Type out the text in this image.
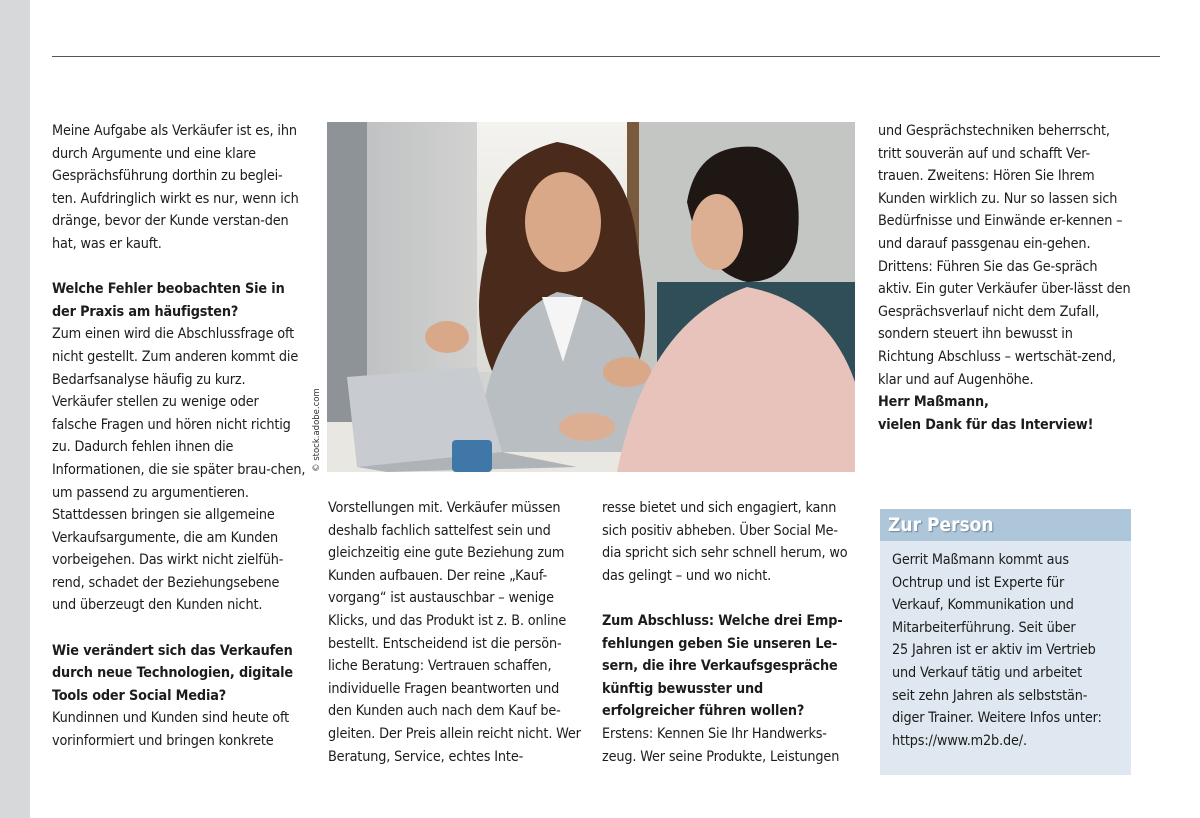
Meine Aufgabe als Verkäufer ist es, ihn durch Argumente und eine klare Gesprächsführung dorthin zu beglei-ten. Aufdringlich wirkt es nur, wenn ich dränge, bevor der Kunde verstan-den hat, was er kauft.

Welche Fehler beobachten Sie in der Praxis am häufigsten?

Zum einen wird die Abschlussfrage oft nicht gestellt. Zum anderen kommt die Bedarfsanalyse häufig zu kurz. Verkäufer stellen zu wenige oder falsche Fragen und hören nicht richtig zu. Dadurch fehlen ihnen die Informationen, die sie später brau-chen, um passend zu argumentieren. Stattdessen bringen sie allgemeine Verkaufsargumente, die am Kunden vorbeigehen. Das wirkt nicht zielfüh-rend, schadet der Beziehungsebene und überzeugt den Kunden nicht.

Wie verändert sich das Verkaufen durch neue Technologien, digitale Tools oder Social Media?

Kundinnen und Kunden sind heute oft vorinformiert und bringen konkrete

© stock.adobe.com

Vorstellungen mit. Verkäufer müssen deshalb fachlich sattelfest sein und gleichzeitig eine gute Beziehung zum Kunden aufbauen. Der reine „Kauf-vorgang“ ist austauschbar – wenige Klicks, und das Produkt ist z. B. online bestellt. Entscheidend ist die persön-liche Beratung: Vertrauen schaffen, individuelle Fragen beantworten und den Kunden auch nach dem Kauf be-gleiten. Der Preis allein reicht nicht. Wer Beratung, Service, echtes Inte-

resse bietet und sich engagiert, kann sich positiv abheben. Über Social Me-dia spricht sich sehr schnell herum, wo das gelingt – und wo nicht.

Zum Abschluss: Welche drei Emp-fehlungen geben Sie unseren Le-sern, die ihre Verkaufsgespräche künftig bewusster und erfolgreicher führen wollen?

Erstens: Kennen Sie Ihr Handwerks-zeug. Wer seine Produkte, Leistungen

und Gesprächstechniken beherrscht, tritt souverän auf und schafft Ver-trauen. Zweitens: Hören Sie Ihrem Kunden wirklich zu. Nur so lassen sich Bedürfnisse und Einwände er-kennen – und darauf passgenau ein-gehen. Drittens: Führen Sie das Ge-spräch aktiv. Ein guter Verkäufer über-lässt den Gesprächsverlauf nicht dem Zufall, sondern steuert ihn bewusst in Richtung Abschluss – wertschät-zend, klar und auf Augenhöhe.

Herr Maßmann,
vielen Dank für das Interview!

Zur Person
Gerrit Maßmann kommt aus
Ochtrup und ist Experte für
Verkauf, Kommunikation und
Mitarbeiterführung. Seit über
25 Jahren ist er aktiv im Vertrieb
und Verkauf tätig und arbeitet
seit zehn Jahren als selbststän-
diger Trainer. Weitere Infos unter:
https://www.m2b.de/.
